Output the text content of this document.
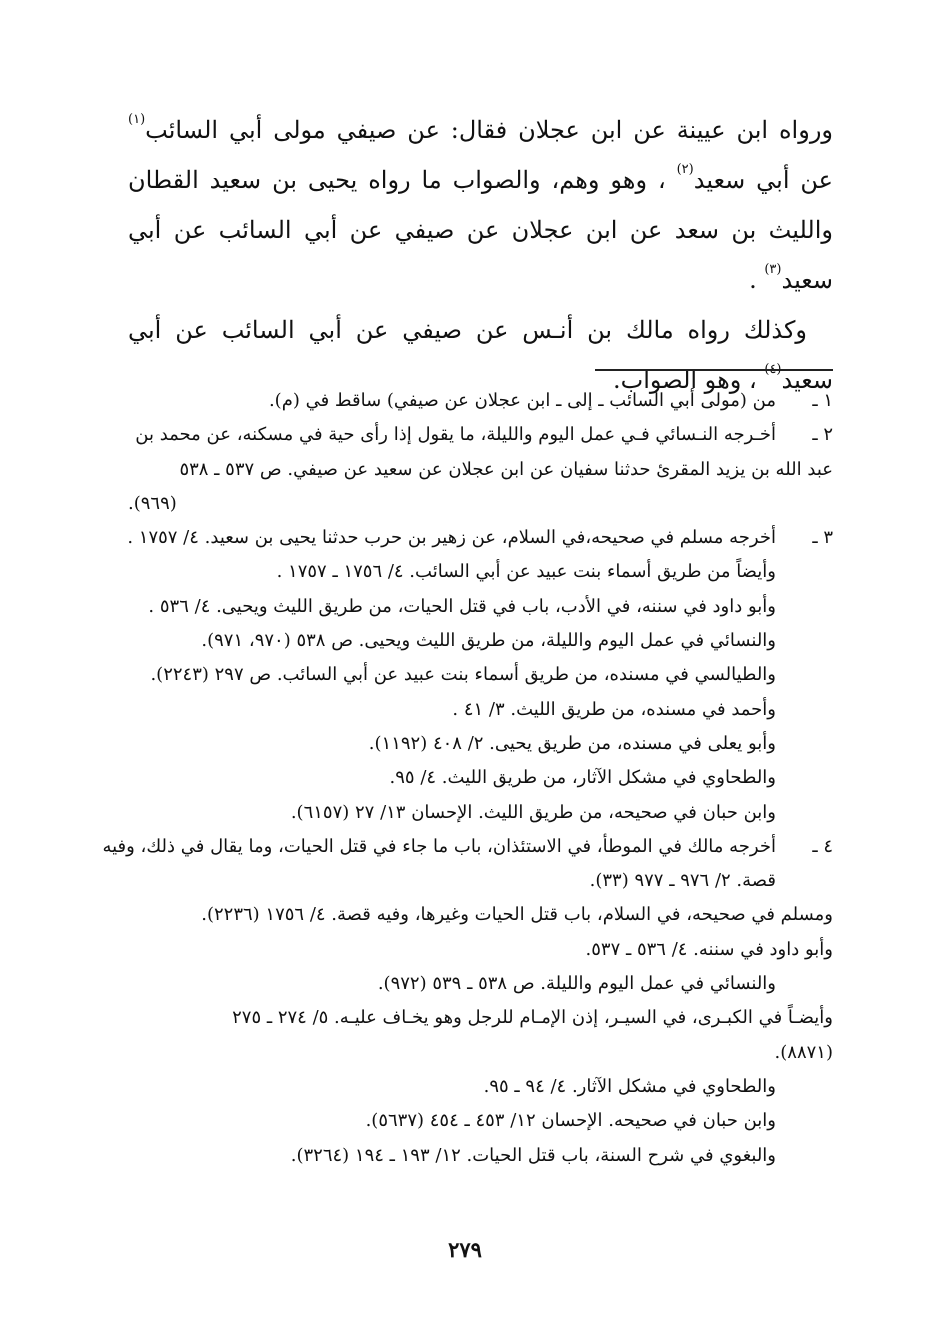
ورواه ابن عيينة عن ابن عجلان فقال: عن صيفي مولى أبي السائب$^{(١)}$ عن أبي سعيد$^{(٢)}$ ، وهو وهم، والصواب ما رواه يحيى بن سعيد القطان والليث بن سعد عن ابن عجلان عن صيفي عن أبي السائب عن أبي سعيد$^{(٣)}$ .

وكذلك رواه مالك بن أنـس عن صيفي عن أبي السائب عن أبي سعيد$^{(٤)}$ ، وهو الصواب.

١ ـ
من (مولى أبي السائب ـ إلى ـ ابن عجلان عن صيفي) ساقط في (م).
٢ ـ
أخـرجه النـسائي فـي عمل اليوم والليلة، ما يقول إذا رأى حية في مسكنه، عن محمد بن
عبد الله بن يزيد المقرئ حدثنا سفيان عن ابن عجلان عن سعيد عن صيفي. ص ٥٣٧ ـ ٥٣٨
(٩٦٩).
٣ ـ
أخرجه مسلم في صحيحه،في السلام، عن زهير بن حرب حدثنا يحيى بن سعيد. ٤/ ١٧٥٧ .
وأيضاً من طريق أسماء بنت عبيد عن أبي السائب. ٤/ ١٧٥٦ ـ ١٧٥٧ .
وأبو داود في سننه، في الأدب، باب في قتل الحيات، من طريق الليث ويحيى. ٤/ ٥٣٦ .
والنسائي في عمل اليوم والليلة، من طريق الليث ويحيى. ص ٥٣٨ (٩٧٠، ٩٧١).
والطيالسي في مسنده، من طريق أسماء بنت عبيد عن أبي السائب. ص ٢٩٧ (٢٢٤٣).
وأحمد في مسنده، من طريق الليث. ٣/ ٤١ .
وأبو يعلى في مسنده، من طريق يحيى. ٢/ ٤٠٨ (١١٩٢).
والطحاوي في مشكل الآثار، من طريق الليث. ٤/ ٩٥.
وابن حبان في صحيحه، من طريق الليث. الإحسان ١٣/ ٢٧ (٦١٥٧).
٤ ـ
أخرجه مالك في الموطأ، في الاستئذان، باب ما جاء في قتل الحيات، وما يقال في ذلك، وفيه
قصة. ٢/ ٩٧٦ ـ ٩٧٧ (٣٣).
ومسلم في صحيحه، في السلام، باب قتل الحيات وغيرها، وفيه قصة. ٤/ ١٧٥٦ (٢٢٣٦).
وأبو داود في سننه. ٤/ ٥٣٦ ـ ٥٣٧.
والنسائي في عمل اليوم والليلة. ص ٥٣٨ ـ ٥٣٩ (٩٧٢).
وأيضـاً في الكبـرى، في السيـر، إذن الإمـام للرجل وهو يخـاف عليـه. ٥/ ٢٧٤ ـ ٢٧٥
(٨٨٧١).
والطحاوي في مشكل الآثار. ٤/ ٩٤ ـ ٩٥.
وابن حبان في صحيحه. الإحسان ١٢/ ٤٥٣ ـ ٤٥٤ (٥٦٣٧).
والبغوي في شرح السنة، باب قتل الحيات. ١٢/ ١٩٣ ـ ١٩٤ (٣٢٦٤).
٢٧٩
